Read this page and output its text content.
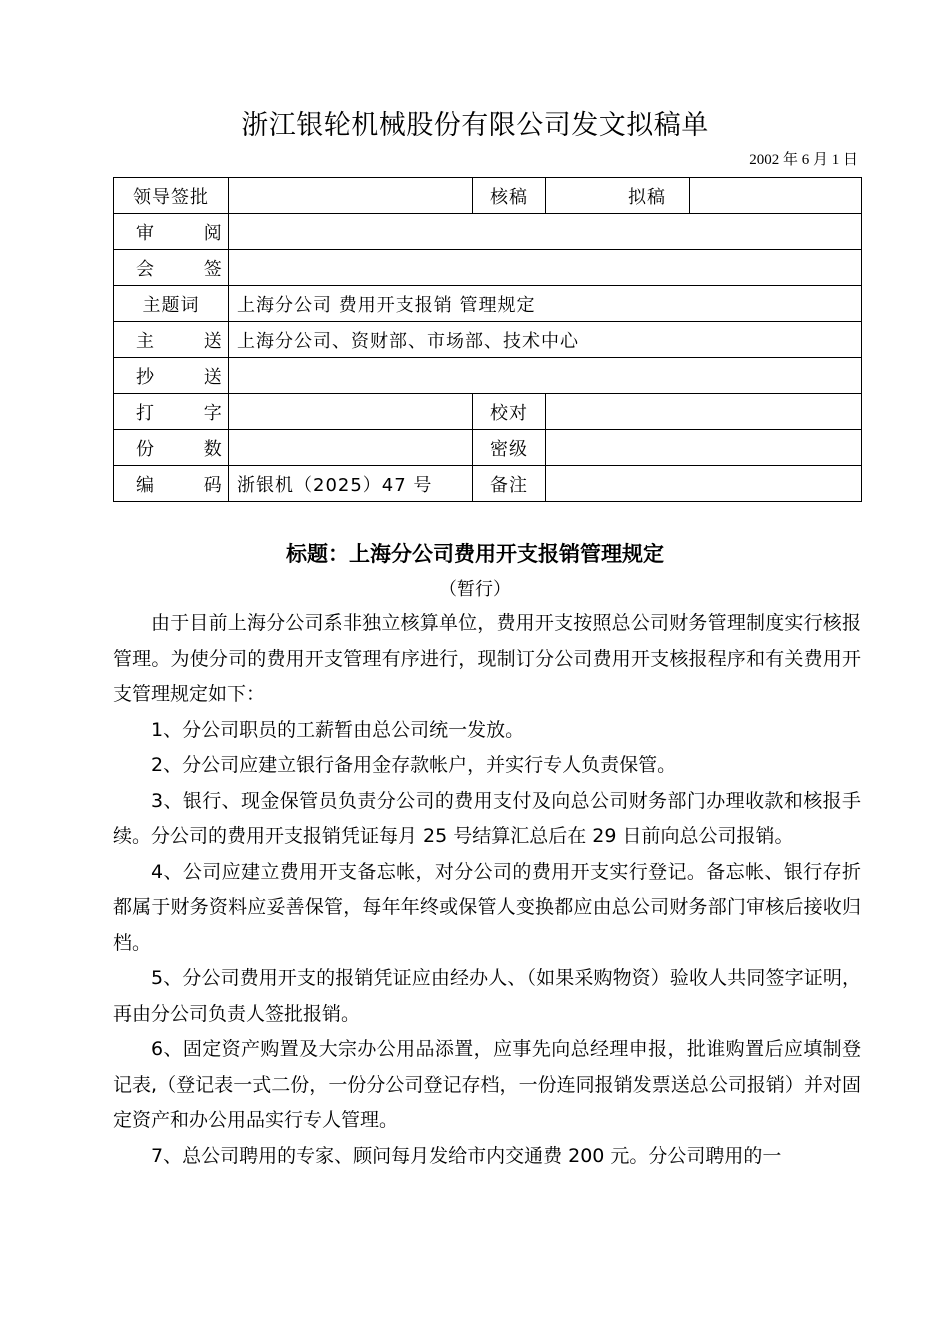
浙江银轮机械股份有限公司发文拟稿单
2002 年 6 月 1 日
领导签批		核稿		拟稿
审 阅				
会 签				
主题词	上海分公司 费用开支报销 管理规定			
主 送	上海分公司、资财部、市场部、技术中心			
抄 送				
打 字		校对		
份 数		密级		
编 码	浙银机（2025）47 号	备注		
标题：上海分公司费用开支报销管理规定
（暂行）

由于目前上海分公司系非独立核算单位，费用开支按照总公司财务管理制度实行核报管理。为使分司的费用开支管理有序进行，现制订分公司费用开支核报程序和有关费用开支管理规定如下：

1、分公司职员的工薪暂由总公司统一发放。

2、分公司应建立银行备用金存款帐户，并实行专人负责保管。

3、银行、现金保管员负责分公司的费用支付及向总公司财务部门办理收款和核报手续。分公司的费用开支报销凭证每月 25 号结算汇总后在 29 日前向总公司报销。

4、公司应建立费用开支备忘帐，对分公司的费用开支实行登记。备忘帐、银行存折都属于财务资料应妥善保管，每年年终或保管人变换都应由总公司财务部门审核后接收归档。

5、分公司费用开支的报销凭证应由经办人、（如果采购物资）验收人共同签字证明，再由分公司负责人签批报销。

6、固定资产购置及大宗办公用品添置，应事先向总经理申报，批谁购置后应填制登记表,（登记表一式二份，一份分公司登记存档，一份连同报销发票送总公司报销）并对固定资产和办公用品实行专人管理。

7、总公司聘用的专家、顾问每月发给市内交通费 200 元。分公司聘用的一
